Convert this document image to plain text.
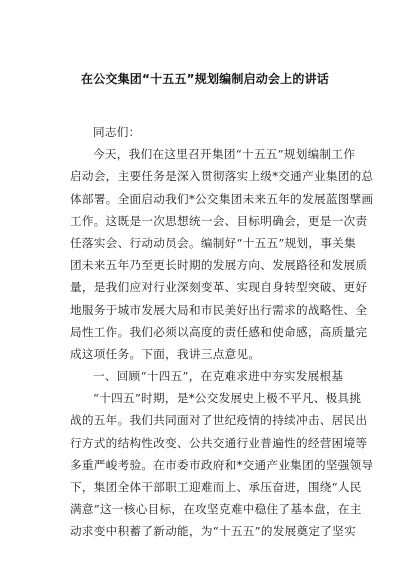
在公交集团“十五五”规划编制启动会上的讲话
同志们：
今天，我们在这里召开集团“十五五”规划编制工作
启动会，主要任务是深入贯彻落实上级*交通产业集团的总
体部署。全面启动我们*公交集团未来五年的发展蓝图擘画
工作。这既是一次思想统一会、目标明确会，更是一次责
任落实会、行动动员会。编制好“十五五”规划，事关集
团未来五年乃至更长时期的发展方向、发展路径和发展质
量，是我们应对行业深刻变革、实现自身转型突破、更好
地服务于城市发展大局和市民美好出行需求的战略性、全
局性工作。我们必须以高度的责任感和使命感，高质量完
成这项任务。下面，我讲三点意见。
一、回顾“十四五”，在克难求进中夯实发展根基
“十四五”时期，是*公交发展史上极不平凡、极具挑
战的五年。我们共同面对了世纪疫情的持续冲击、居民出
行方式的结构性改变、公共交通行业普遍性的经营困境等
多重严峻考验。在市委市政府和*交通产业集团的坚强领导
下，集团全体干部职工迎难而上、承压奋进，围绕“人民
满意”这一核心目标，在攻坚克难中稳住了基本盘，在主
动求变中积蓄了新动能，为“十五五”的发展奠定了坚实
